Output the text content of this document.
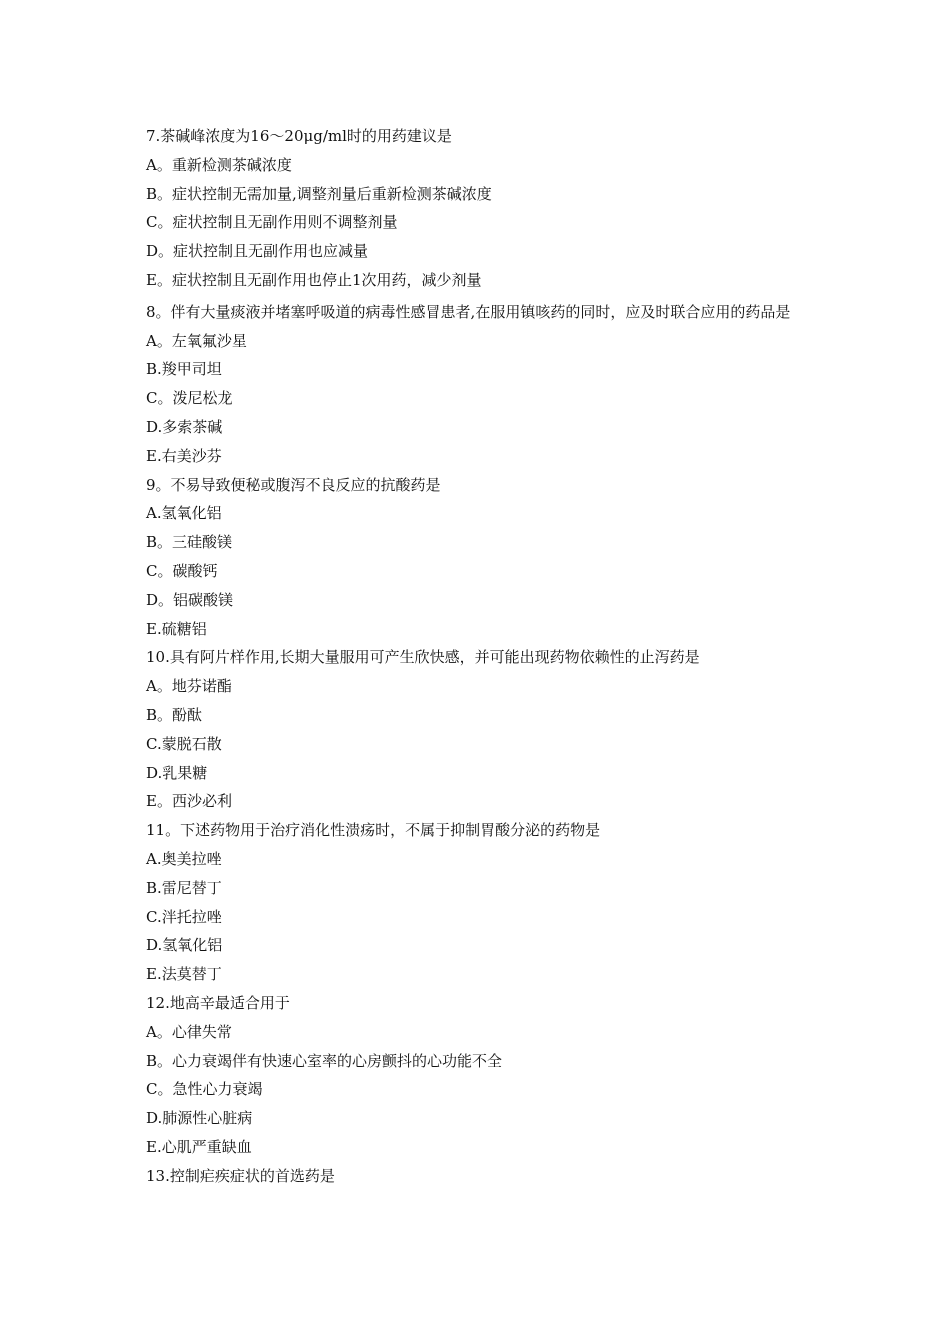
7.茶碱峰浓度为16～20μg/ml时的用药建议是
A。重新检测茶碱浓度
B。症状控制无需加量,调整剂量后重新检测茶碱浓度
C。症状控制且无副作用则不调整剂量
D。症状控制且无副作用也应减量
E。症状控制且无副作用也停止1次用药，减少剂量
8。伴有大量痰液并堵塞呼吸道的病毒性感冒患者,在服用镇咳药的同时，应及时联合应用的药品是
A。左氧氟沙星
B.羧甲司坦
C。泼尼松龙
D.多索茶碱
E.右美沙芬
9。不易导致便秘或腹泻不良反应的抗酸药是
A.氢氧化铝
B。三硅酸镁
C。碳酸钙
D。铝碳酸镁
E.硫糖铝
10.具有阿片样作用,长期大量服用可产生欣快感，并可能出现药物依赖性的止泻药是
A。地芬诺酯
B。酚酞
C.蒙脱石散
D.乳果糖
E。西沙必利
11。下述药物用于治疗消化性溃疡时，不属于抑制胃酸分泌的药物是
A.奥美拉唑
B.雷尼替丁
C.泮托拉唑
D.氢氧化铝
E.法莫替丁
12.地高辛最适合用于
A。心律失常
B。心力衰竭伴有快速心室率的心房颤抖的心功能不全
C。急性心力衰竭
D.肺源性心脏病
E.心肌严重缺血
13.控制疟疾症状的首选药是
